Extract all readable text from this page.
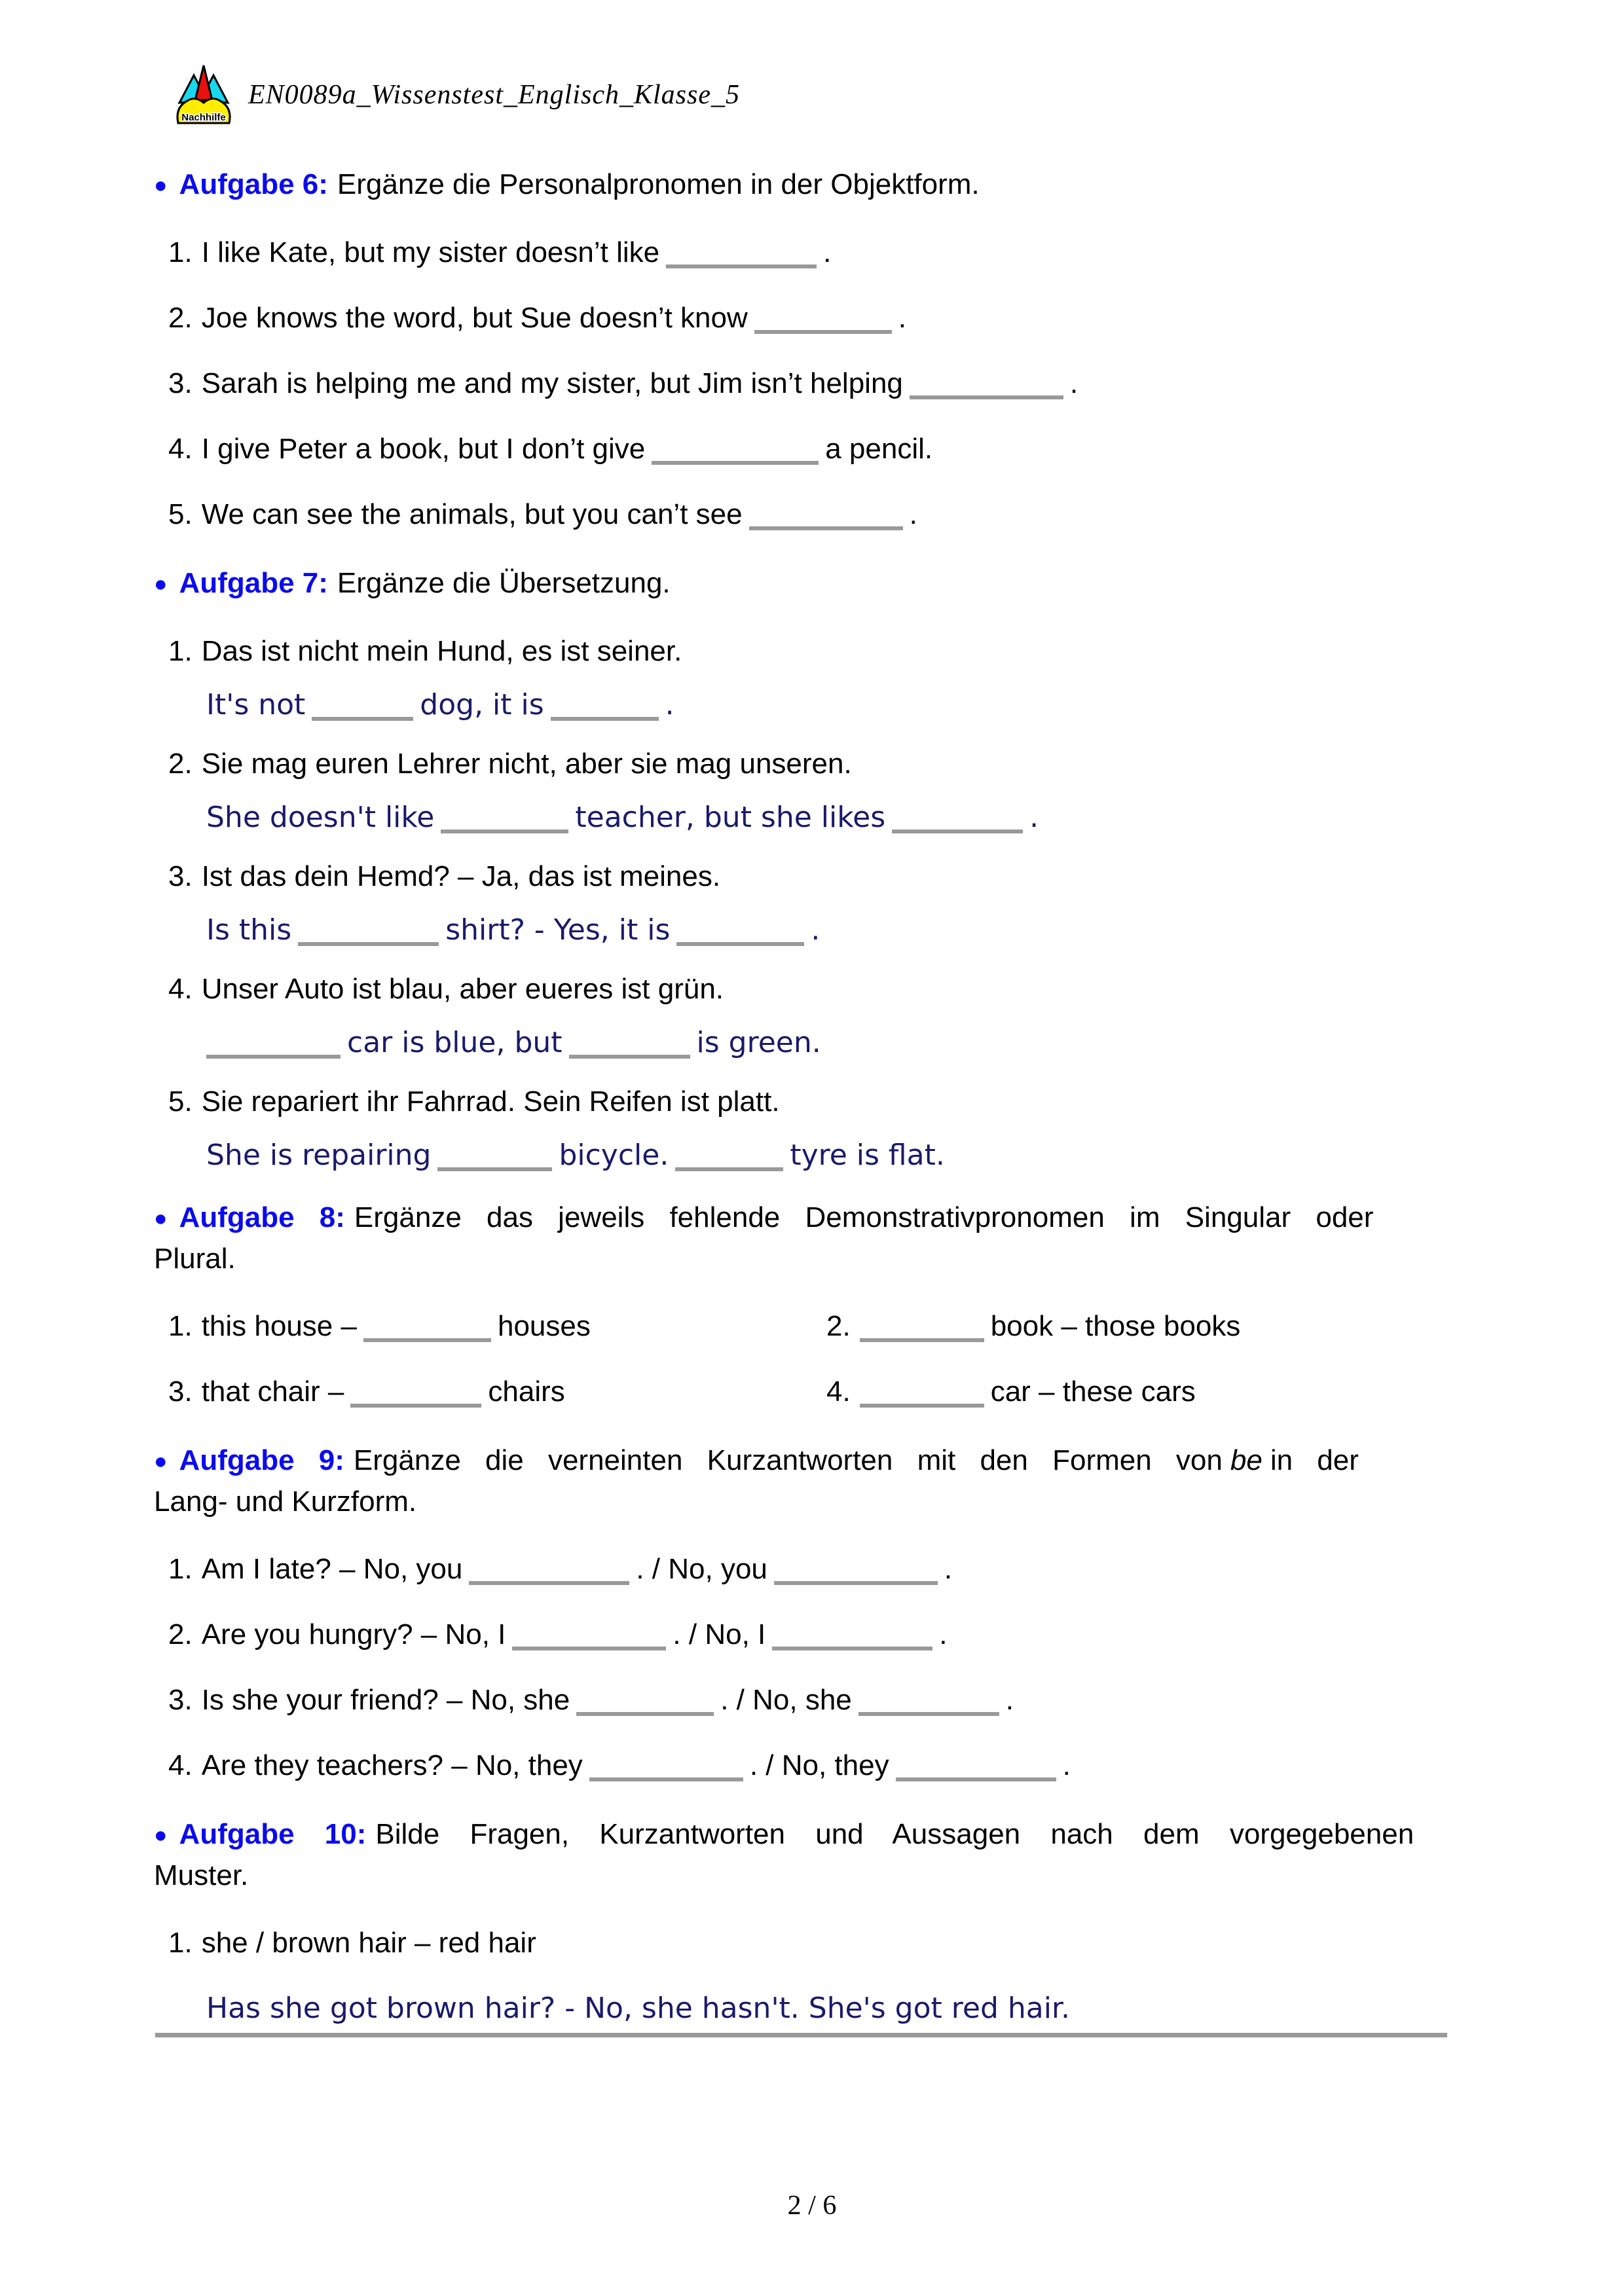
Nachhilfe
EN0089a_Wissenstest_Englisch_Klasse_5
● Aufgabe 6: Ergänze die Personalpronomen in der Objektform.
1. I like Kate, but my sister doesn’t like	.
2. Joe knows the word, but Sue doesn’t know	.
3. Sarah is helping me and my sister, but Jim isn’t helping	.
4. I give Peter a book, but I don’t give	a pencil.
5. We can see the animals, but you can’t see	.
● Aufgabe 7: Ergänze die Übersetzung.
1. Das ist nicht mein Hund, es ist seiner.
It's not	dog, it is	.
2. Sie mag euren Lehrer nicht, aber sie mag unseren.
She doesn't like	teacher, but she likes	.
3. Ist das dein Hemd? – Ja, das ist meines.
Is this	shirt? - Yes, it is	.
4. Unser Auto ist blau, aber eueres ist grün.
car is blue, but	is green.
5. Sie repariert ihr Fahrrad. Sein Reifen ist platt.
She is repairing	bicycle.	tyre is flat.
● Aufgabe 8: Ergänze das jeweils fehlende Demonstrativpronomen im Singular oder
Plural.
1. this house –	houses	2.	book – those books
3. that chair –	chairs	4.	car – these cars
● Aufgabe 9: Ergänze die verneinten Kurzantworten mit den Formen von be in der
Lang- und Kurzform.
1. Am I late? – No, you	. / No, you	.
2. Are you hungry? – No, I	. / No, I	.
3. Is she your friend? – No, she	. / No, she	.
4. Are they teachers? – No, they	. / No, they	.
● Aufgabe 10: Bilde Fragen, Kurzantworten und Aussagen nach dem vorgegebenen
Muster.
1. she / brown hair – red hair
Has she got brown hair? - No, she hasn't. She's got red hair.
2 / 6
